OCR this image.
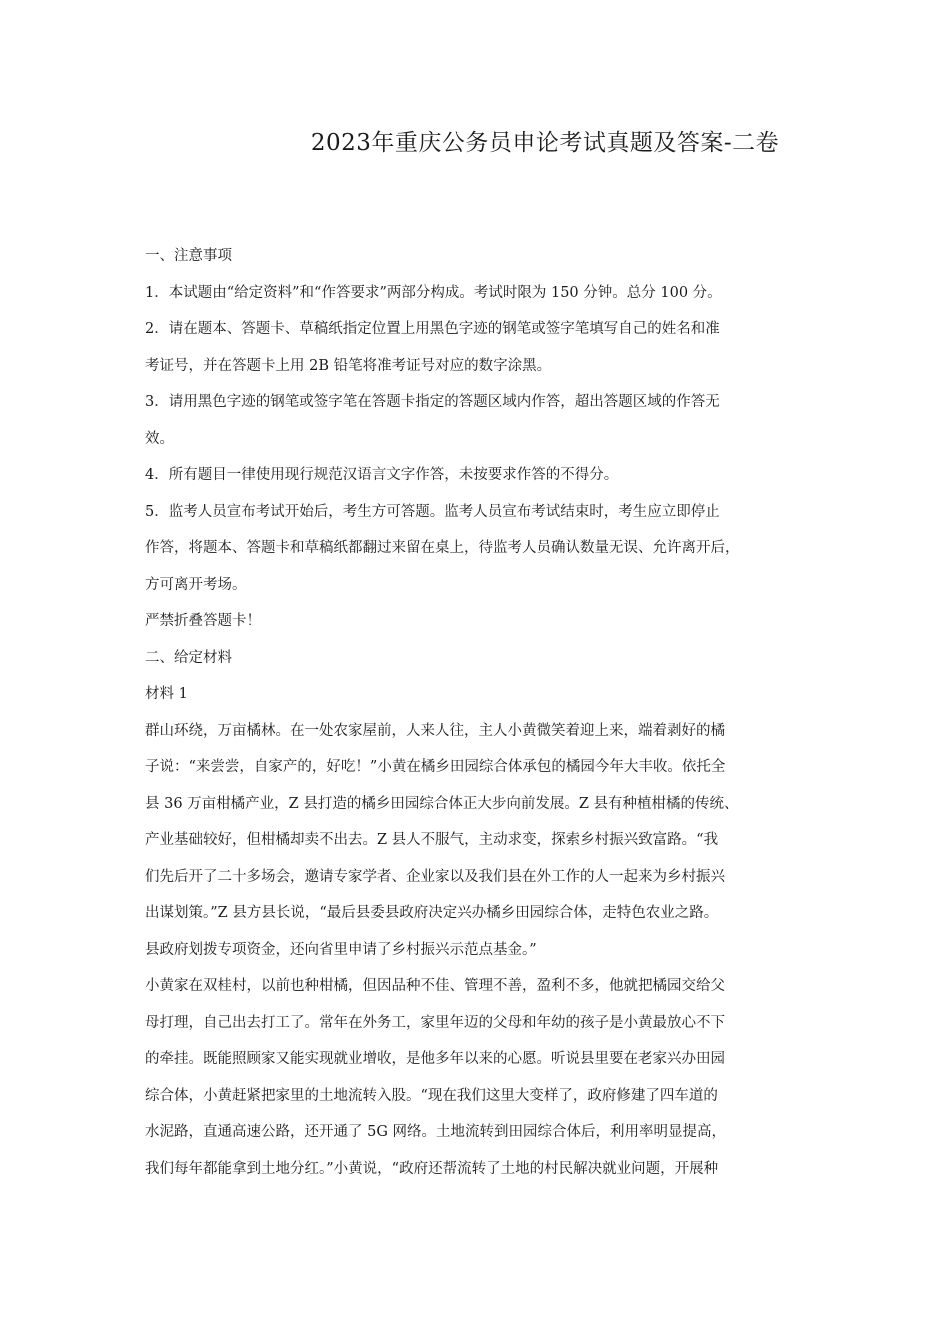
2023年重庆公务员申论考试真题及答案-二卷
一、注意事项
1．本试题由“给定资料”和“作答要求”两部分构成。考试时限为 150 分钟。总分 100 分。
2．请在题本、答题卡、草稿纸指定位置上用黑色字迹的钢笔或签字笔填写自己的姓名和准
考证号，并在答题卡上用 2B 铅笔将准考证号对应的数字涂黑。
3．请用黑色字迹的钢笔或签字笔在答题卡指定的答题区域内作答，超出答题区域的作答无
效。
4．所有题目一律使用现行规范汉语言文字作答，未按要求作答的不得分。
5．监考人员宣布考试开始后，考生方可答题。监考人员宣布考试结束时，考生应立即停止
作答，将题本、答题卡和草稿纸都翻过来留在桌上，待监考人员确认数量无误、允许离开后，
方可离开考场。
严禁折叠答题卡！
二、给定材料
材料 1
群山环绕，万亩橘林。在一处农家屋前，人来人往，主人小黄微笑着迎上来，端着剥好的橘
子说：“来尝尝，自家产的，好吃！”小黄在橘乡田园综合体承包的橘园今年大丰收。依托全
县 36 万亩柑橘产业，Z 县打造的橘乡田园综合体正大步向前发展。Z 县有种植柑橘的传统、
产业基础较好，但柑橘却卖不出去。Z 县人不服气，主动求变，探索乡村振兴致富路。“我
们先后开了二十多场会，邀请专家学者、企业家以及我们县在外工作的人一起来为乡村振兴
出谋划策。”Z 县方县长说，“最后县委县政府决定兴办橘乡田园综合体，走特色农业之路。
县政府划拨专项资金，还向省里申请了乡村振兴示范点基金。”
小黄家在双桂村，以前也种柑橘，但因品种不佳、管理不善，盈利不多，他就把橘园交给父
母打理，自己出去打工了。常年在外务工，家里年迈的父母和年幼的孩子是小黄最放心不下
的牵挂。既能照顾家又能实现就业增收，是他多年以来的心愿。听说县里要在老家兴办田园
综合体，小黄赶紧把家里的土地流转入股。“现在我们这里大变样了，政府修建了四车道的
水泥路，直通高速公路，还开通了 5G 网络。土地流转到田园综合体后，利用率明显提高，
我们每年都能拿到土地分红。”小黄说，“政府还帮流转了土地的村民解决就业问题，开展种
